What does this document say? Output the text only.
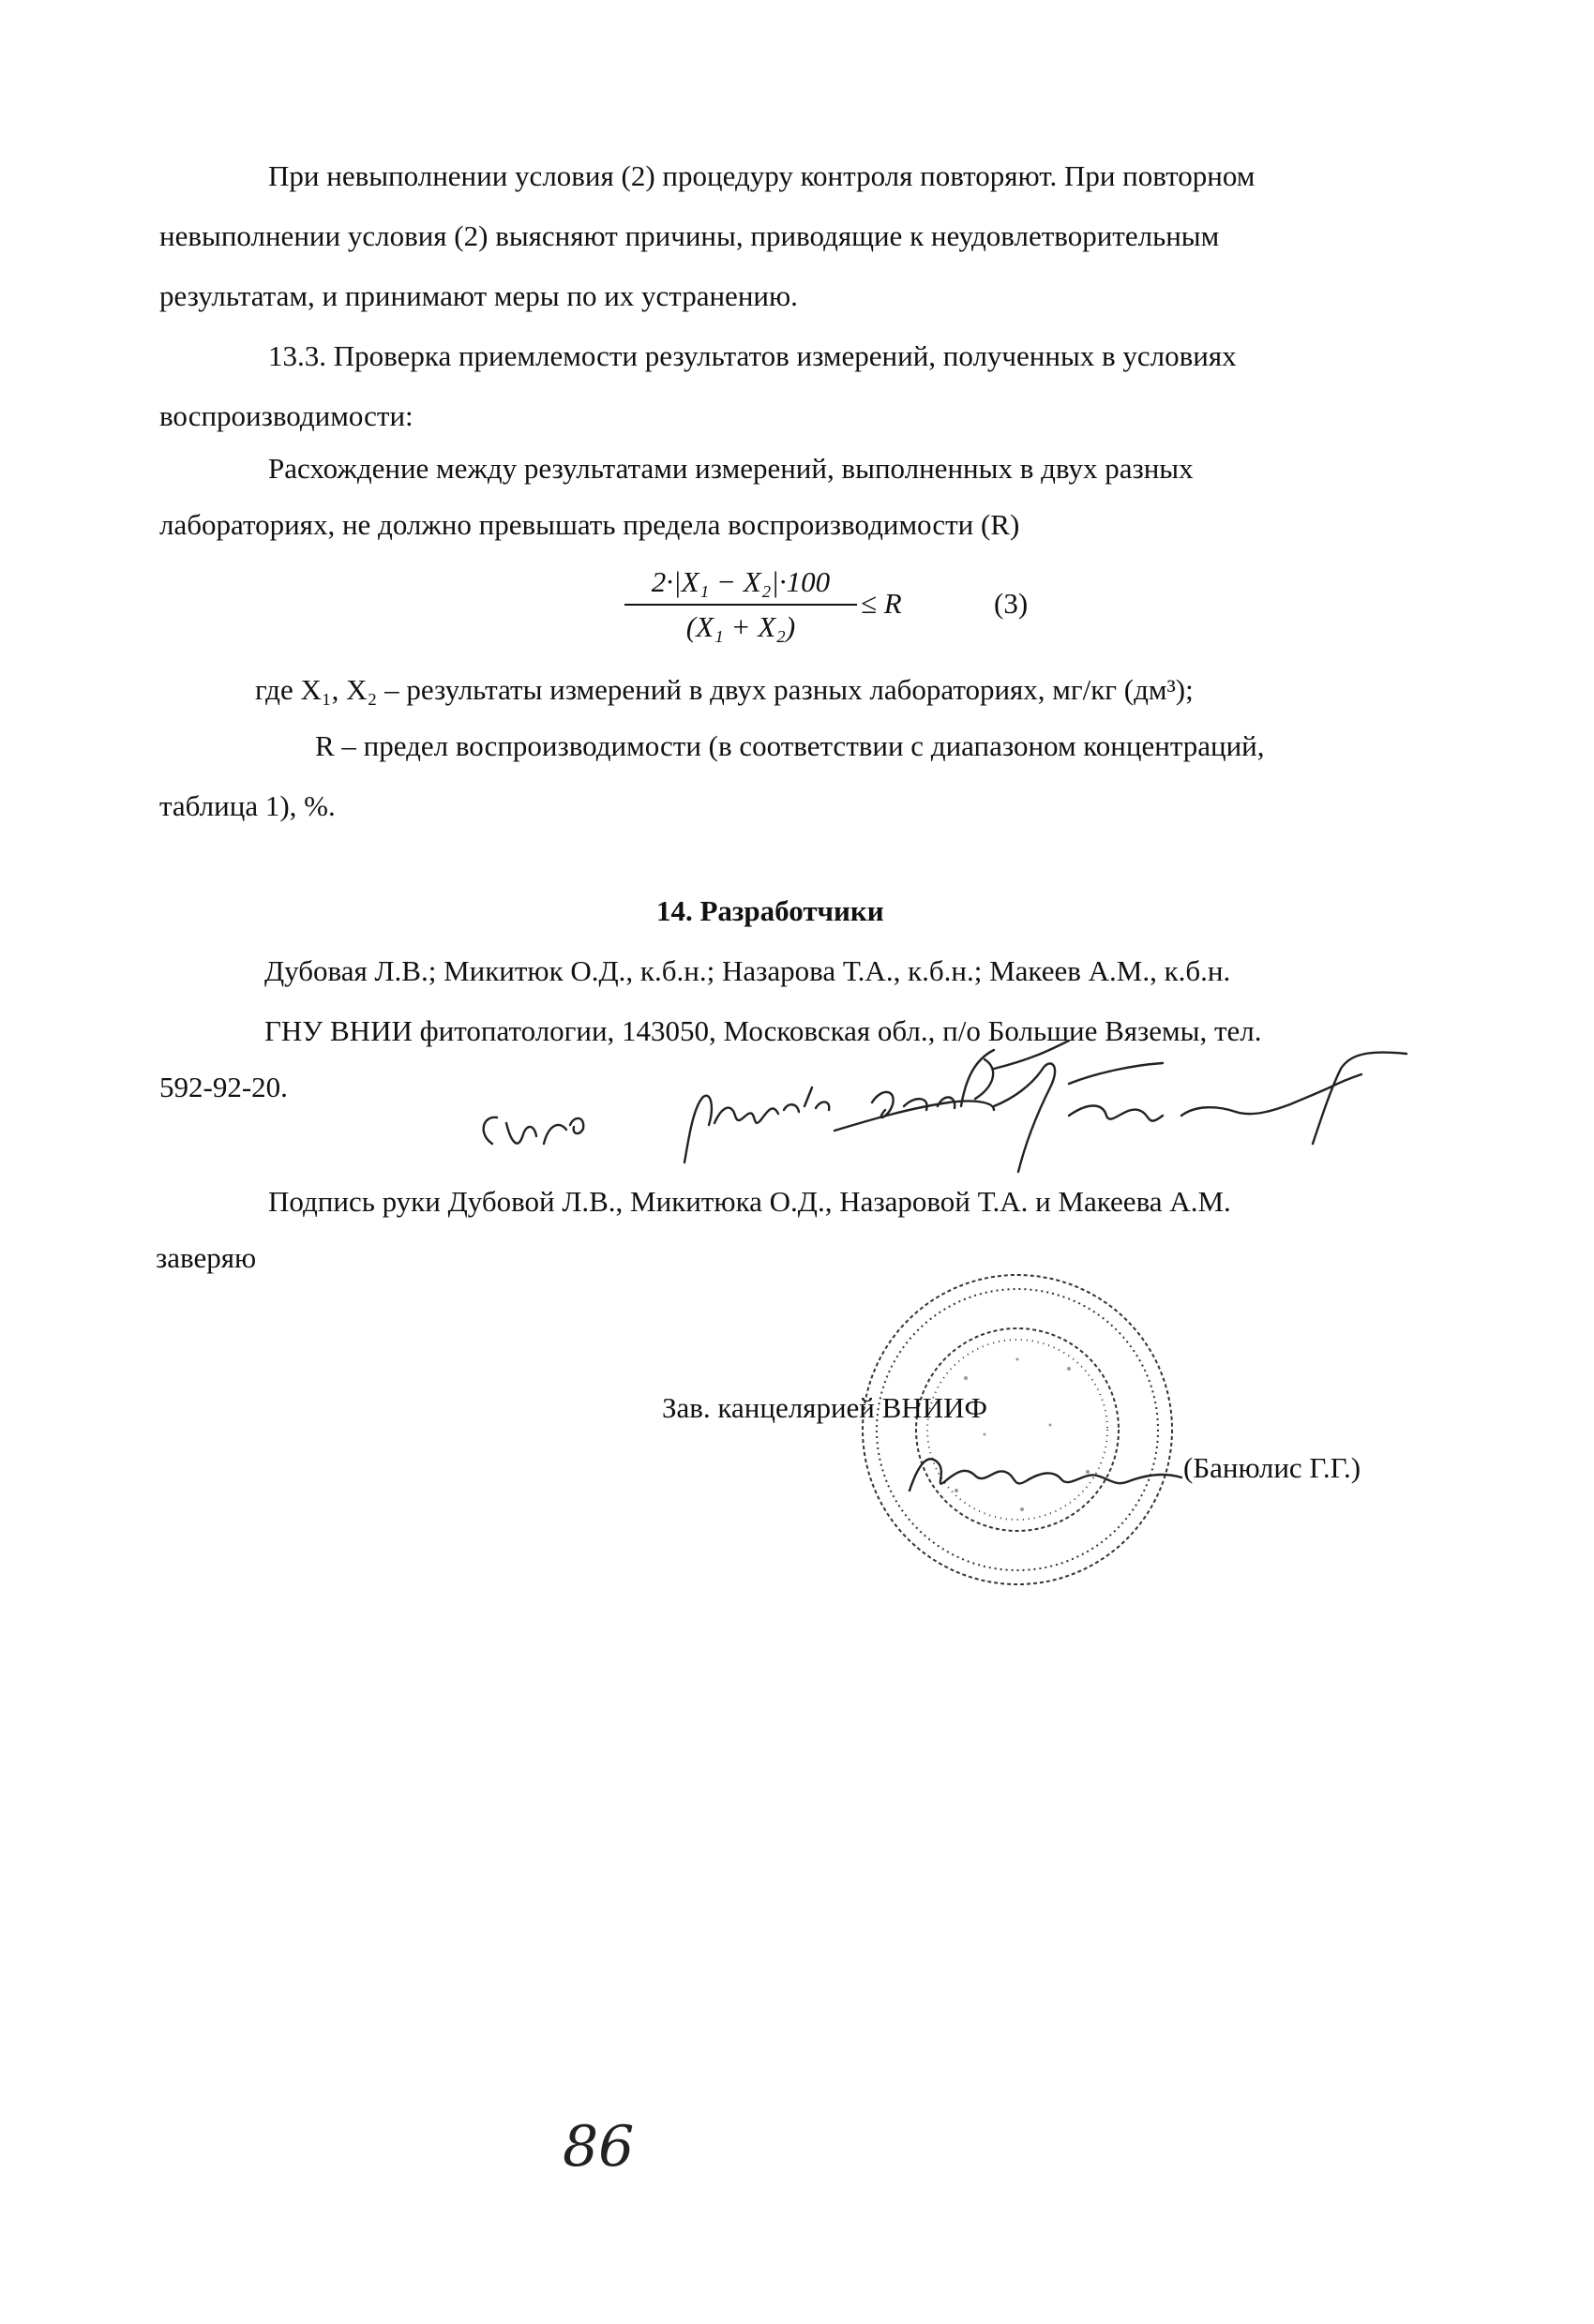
При невыполнении условия (2) процедуру контроля повторяют. При повторном
невыполнении условия (2) выясняют причины, приводящие к неудовлетворительным
результатам, и принимают меры по их устранению.
13.3. Проверка приемлемости результатов измерений, полученных в условиях
воспроизводимости:
Расхождение между результатами измерений, выполненных в двух разных
лабораториях, не должно превышать предела воспроизводимости (R)
2·|X₁ − X₂|·100
(X₁ + X₂)
≤ R	(3)
где X₁, X₂ – результаты измерений в двух разных лабораториях, мг/кг (дм³);
R – предел воспроизводимости (в соответствии с диапазоном концентраций,
таблица 1), %.
14. Разработчики
Дубовая Л.В.; Микитюк О.Д., к.б.н.; Назарова Т.А., к.б.н.; Макеев А.М., к.б.н.
ГНУ ВНИИ фитопатологии, 143050, Московская обл., п/о Большие Вяземы, тел.
592-92-20.
Подпись руки Дубовой Л.В., Микитюка О.Д., Назаровой Т.А. и Макеева А.М.
заверяю
Зав. канцелярией ВНИИФ
(Банюлис Г.Г.)
86
